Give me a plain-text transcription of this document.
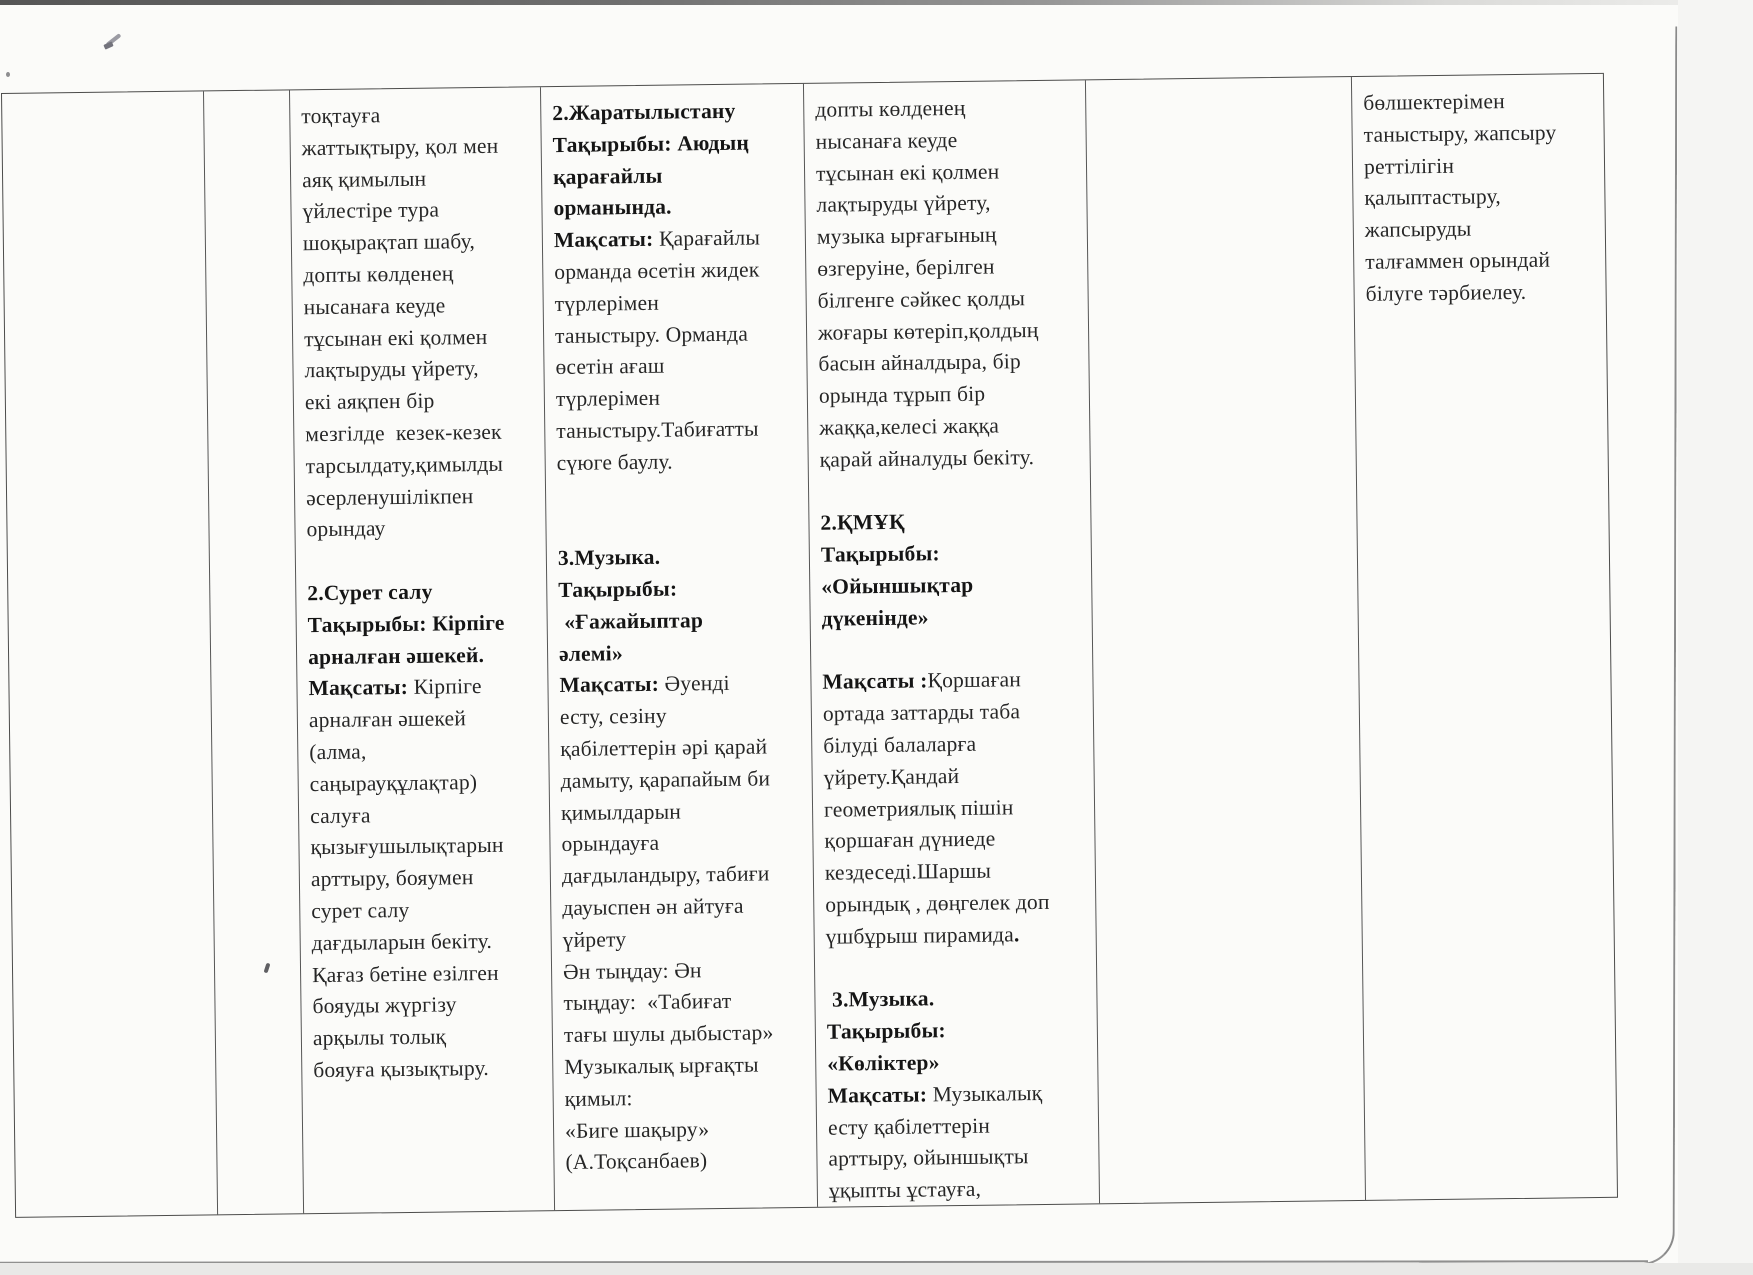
тоқтауға
жаттықтыру, қол мен
аяқ қимылын
үйлестіре тура
шоқырақтап шабу,
допты көлденең
нысанаға кеуде
тұсынан екі қолмен
лақтыруды үйрету,
екі аяқпен бір
мезгілде  кезек-кезек
тарсылдату,қимылды
әсерленушілікпен
орындау

2.Сурет салу
Тақырыбы: Кірпіге
арналған әшекей.
Мақсаты: Кірпіге
арналған әшекей
(алма,
саңырауқұлақтар)
салуға
қызығушылықтарын
арттыру, бояумен
сурет салу
дағдыларын бекіту.
Қағаз бетіне езілген
бояуды жүргізу
арқылы толық
бояуға қызықтыру.
2.Жаратылыстану
Тақырыбы: Аюдың
қарағайлы
орманында.
Мақсаты: Қарағайлы
орманда өсетін жидек
түрлерімен
таныстыру. Орманда
өсетін ағаш
түрлерімен
таныстыру.Табиғатты
сүюге баулу.

3.Музыка.
Тақырыбы:
«Ғажайыптар
әлемі»
Мақсаты: Әуенді
есту, сезіну
қабілеттерін әрі қарай
дамыту, қарапайым би
қимылдарын
орындауға
дағдыландыру, табиғи
дауыспен ән айтуға
үйрету
Ән тыңдау: Ән
тыңдау:  «Табиғат
тағы шулы дыбыстар»
Музыкалық ырғақты
қимыл:
«Биге шақыру»
(А.Тоқсанбаев)
допты көлденең
нысанаға кеуде
тұсынан екі қолмен
лақтыруды үйрету,
музыка ырғағының
өзгеруіне, берілген
білгенге сәйкес қолды
жоғары көтеріп,қолдың
басын айналдыра, бір
орында тұрып бір
жаққа,келесі жаққа
қарай айналуды бекіту.

2.ҚМҰҚ
Тақырыбы:
«Ойыншықтар
дүкенінде»

Мақсаты :Қоршаған
ортада заттарды таба
білуді балаларға
үйрету.Қандай
геометриялық пішін
қоршаған дүниеде
кездеседі.Шаршы
орындық , дөңгелек доп
үшбұрыш пирамида.

3.Музыка.
Тақырыбы:
«Көліктер»
Мақсаты: Музыкалық
есту қабілеттерін
арттыру, ойыншықты
ұқыпты ұстауға,
бөлшектерімен
таныстыру, жапсыру
реттілігін
қалыптастыру,
жапсыруды
талғаммен орындай
білуге тәрбиелеу.
